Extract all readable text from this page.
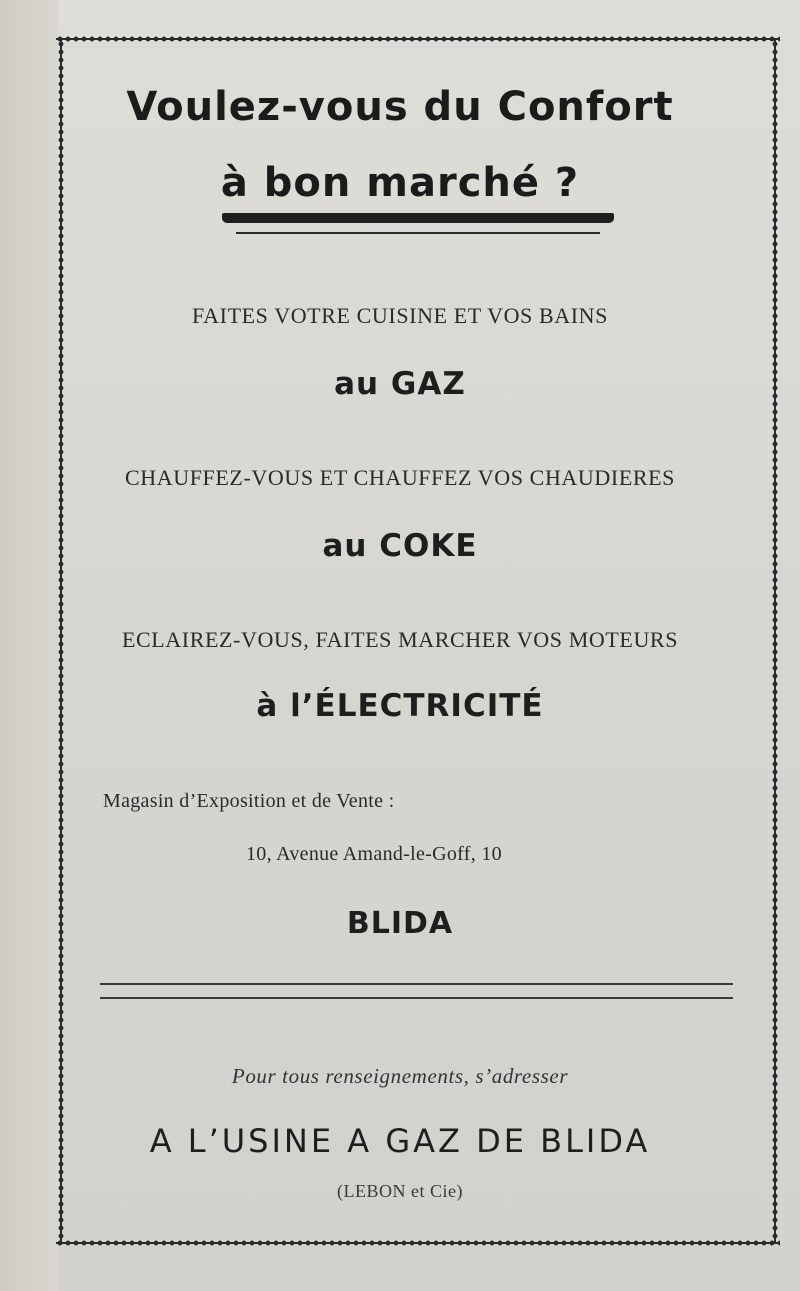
Voulez-vous du Confort

à bon marché ?

FAITES VOTRE CUISINE ET VOS BAINS

au GAZ

CHAUFFEZ-VOUS ET CHAUFFEZ VOS CHAUDIERES

au COKE

ECLAIREZ-VOUS, FAITES MARCHER VOS MOTEURS

à l’ÉLECTRICITÉ

Magasin d’Exposition et de Vente :

10, Avenue Amand-le-Goff, 10

BLIDA

Pour tous renseignements, s’adresser

A L’USINE A GAZ DE BLIDA

(LEBON et Cie)
